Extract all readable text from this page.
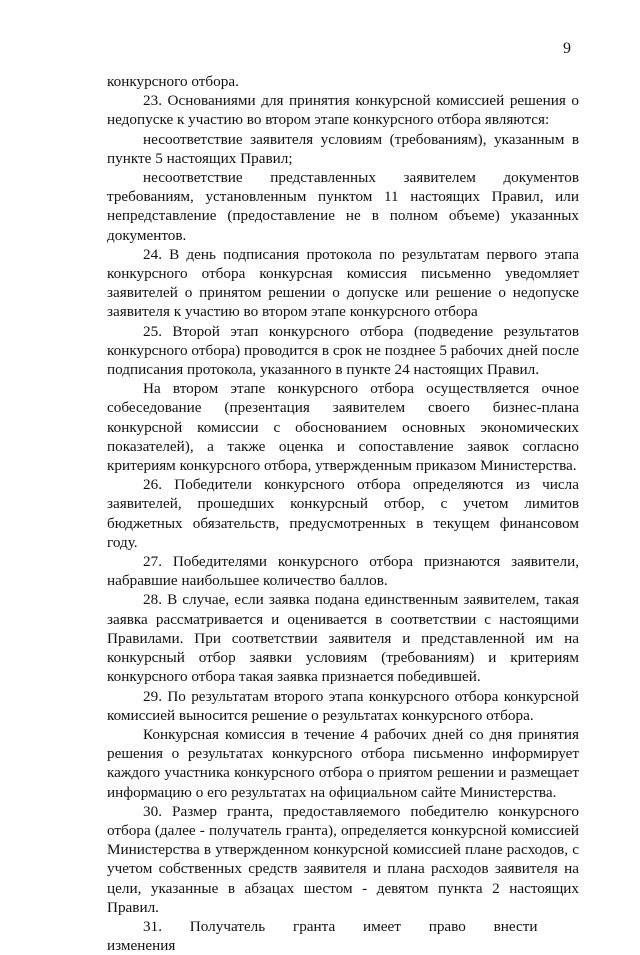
9

конкурсного отбора.

23. Основаниями для принятия конкурсной комиссией решения о недопуске к участию во втором этапе конкурсного отбора являются:

несоответствие заявителя условиям (требованиям), указанным в пункте 5 настоящих Правил;

несоответствие представленных заявителем документов требованиям, установленным пунктом 11 настоящих Правил, или непредставление (предоставление не в полном объеме) указанных документов.

24. В день подписания протокола по результатам первого этапа конкурсного отбора конкурсная комиссия письменно уведомляет заявителей о принятом решении о допуске или решение о недопуске заявителя к участию во втором этапе конкурсного отбора

25. Второй этап конкурсного отбора (подведение результатов конкурсного отбора) проводится в срок не позднее 5 рабочих дней после подписания протокола, указанного в пункте 24 настоящих Правил.

На втором этапе конкурсного отбора осуществляется очное собеседование (презентация заявителем своего бизнес-плана конкурсной комиссии с обоснованием основных экономических показателей), а также оценка и сопоставление заявок согласно критериям конкурсного отбора, утвержденным приказом Министерства.

26. Победители конкурсного отбора определяются из числа заявителей, прошедших конкурсный отбор, с учетом лимитов бюджетных обязательств, предусмотренных в текущем финансовом году.

27. Победителями конкурсного отбора признаются заявители, набравшие наибольшее количество баллов.

28. В случае, если заявка подана единственным заявителем, такая заявка рассматривается и оценивается в соответствии с настоящими Правилами. При соответствии заявителя и представленной им на конкурсный отбор заявки условиям (требованиям) и критериям конкурсного отбора такая заявка признается победившей.

29. По результатам второго этапа конкурсного отбора конкурсной комиссией выносится решение о результатах конкурсного отбора.

Конкурсная комиссия в течение 4 рабочих дней со дня принятия решения о результатах конкурсного отбора письменно информирует каждого участника конкурсного отбора о приятом решении и размещает информацию о его результатах на официальном сайте Министерства.

30. Размер гранта, предоставляемого победителю конкурсного отбора (далее - получатель гранта), определяется конкурсной комиссией Министерства в утвержденном конкурсной комиссией плане расходов, с учетом собственных средств заявителя и плана расходов заявителя на цели, указанные в абзацах шестом - девятом пункта 2 настоящих Правил.

31. Получатель гранта имеет право внести изменения
